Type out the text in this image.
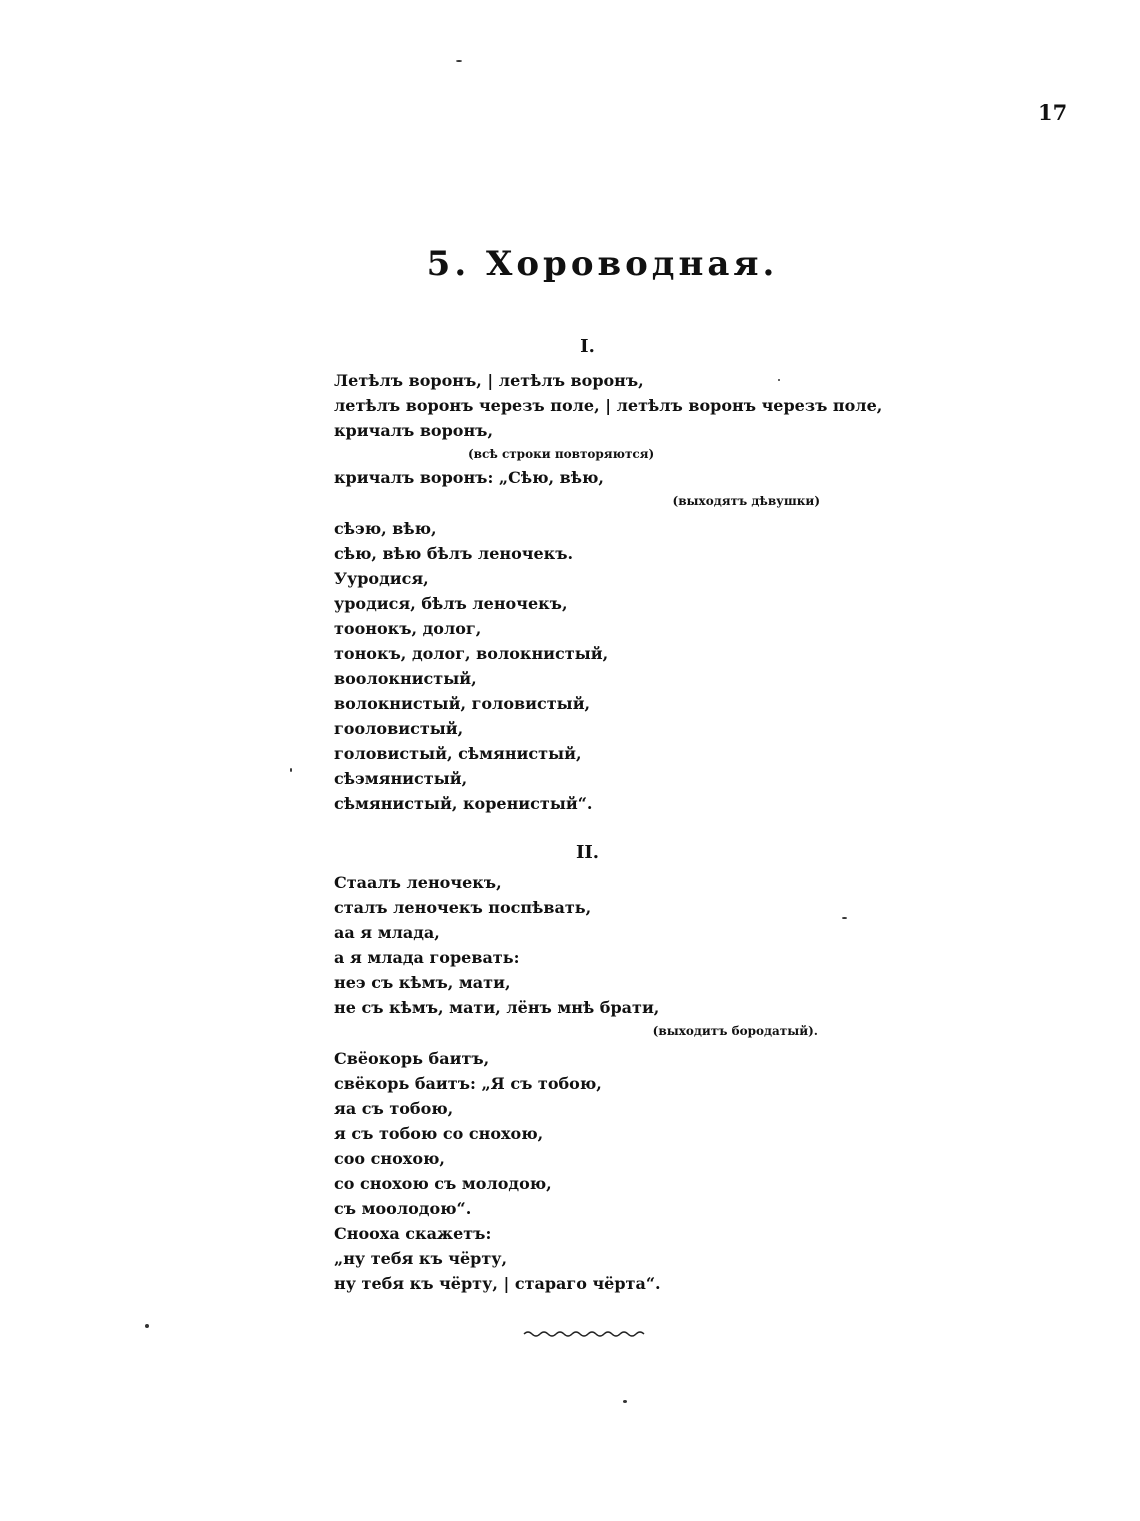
17
5. Хороводная.
I.
Летѣлъ воронъ, | летѣлъ воронъ,
летѣлъ воронъ черезъ поле, | летѣлъ воронъ черезъ поле,
кричалъ воронъ,
(всѣ строки повторяются)
кричалъ воронъ: „Сѣю, вѣю,
(выходятъ дѣвушки)
сѣэю, вѣю,
сѣю, вѣю бѣлъ леночекъ.
Ууродися,
уродися, бѣлъ леночекъ,
тоонокъ, долог,
тонокъ, долог, волокнистый,
воолокнистый,
волокнистый, головистый,
гооловистый,
головистый, сѣмянистый,
сѣэмянистый,
сѣмянистый, коренистый“.
II.
Стаалъ леночекъ,
сталъ леночекъ поспѣвать,
аа я млада,
а я млада горевать:
неэ съ кѣмъ, мати,
не съ кѣмъ, мати, лёнъ мнѣ брати,
(выходитъ бородатый).
Свёокорь баитъ,
свёкорь баитъ: „Я съ тобою,
яа съ тобою,
я съ тобою со снохою,
соо снохою,
со снохою съ молодою,
съ моолодою“.
Снооха скажетъ:
„ну тебя къ чёрту,
ну тебя къ чёрту, | стараго чёрта“.
